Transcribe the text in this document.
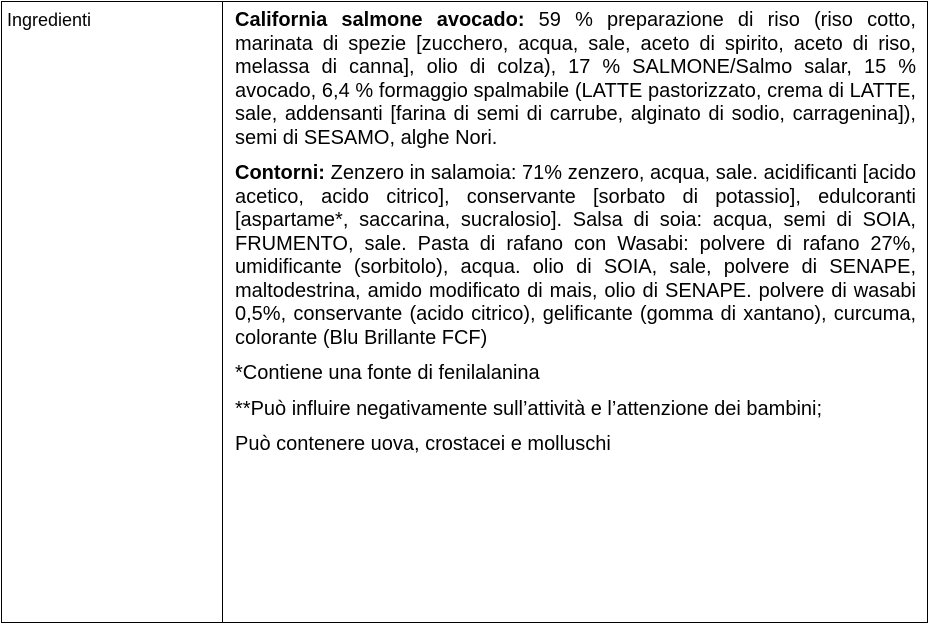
Ingredienti	California salmone avocado: 59 % preparazione di riso (riso cotto, marinata di spezie [zucchero, acqua, sale, aceto di spirito, aceto di riso, melassa di canna], olio di colza), 17 % SALMONE/Salmo salar, 15 % avocado, 6,4 % formaggio spalmabile (LATTE pastorizzato, crema di LATTE, sale, addensanti [farina di semi di carrube, alginato di sodio, carragenina]), semi di SESAMO, alghe Nori.

Contorni: Zenzero in salamoia: 71% zenzero, acqua, sale. acidificanti [acido acetico, acido citrico], conservante [sorbato di potassio], edulcoranti [aspartame*, saccarina, sucralosio]. Salsa di soia: acqua, semi di SOIA, FRUMENTO, sale. Pasta di rafano con Wasabi: polvere di rafano 27%, umidificante (sorbitolo), acqua. olio di SOIA, sale, polvere di SENAPE, maltodestrina, amido modificato di mais, olio di SENAPE. polvere di wasabi 0,5%, conservante (acido citrico), gelificante (gomma di xantano), curcuma, colorante (Blu Brillante FCF)

*Contiene una fonte di fenilalanina

**Può influire negativamente sull’attività e l’attenzione dei bambini;

Può contenere uova, crostacei e molluschi
